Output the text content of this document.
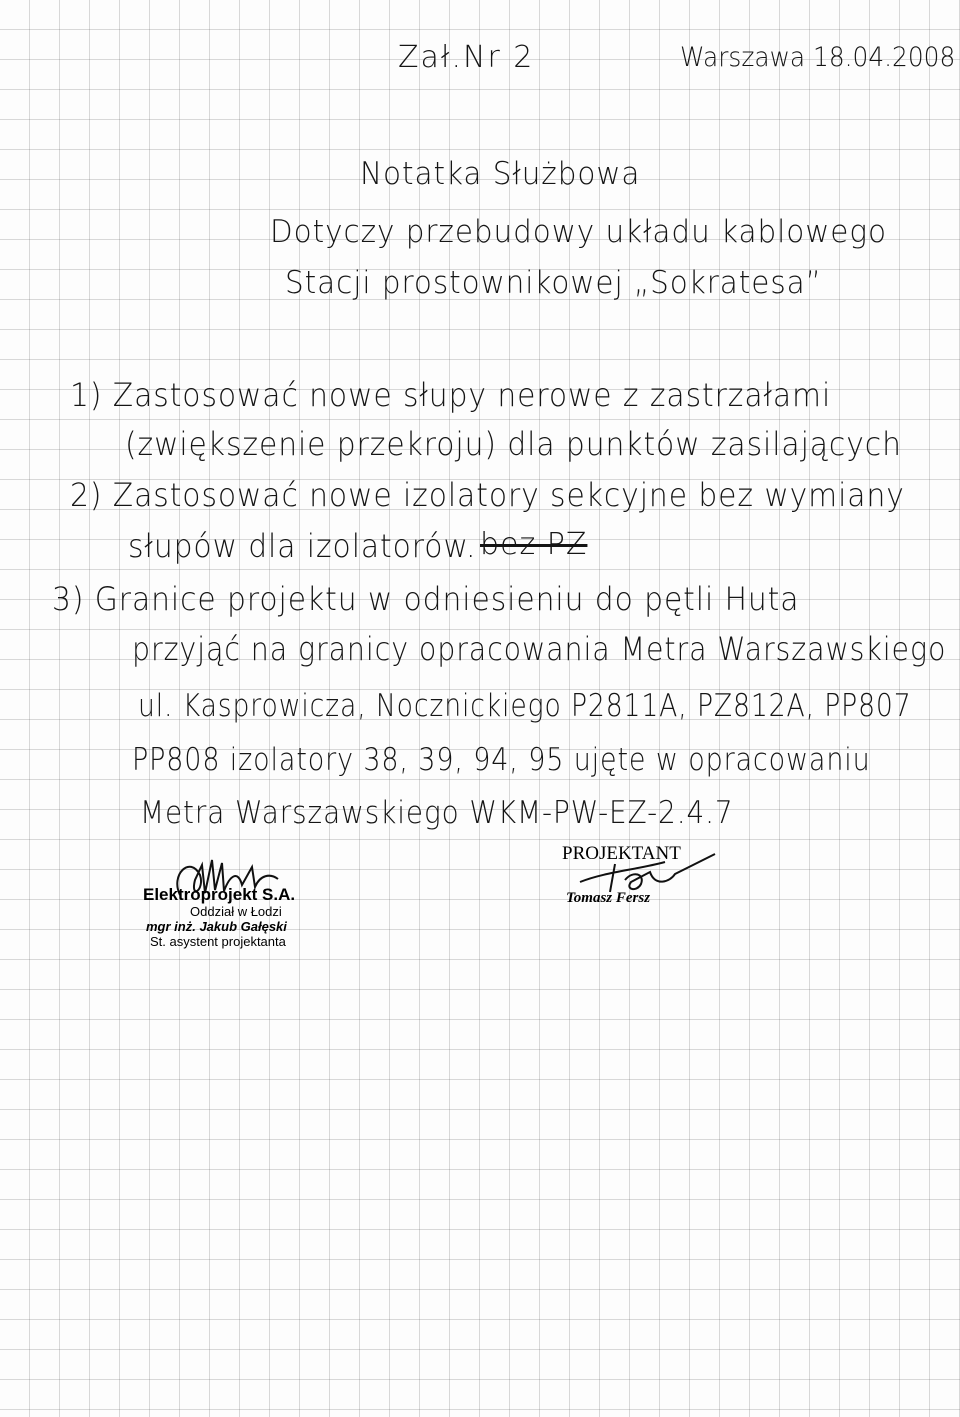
Zał.Nr 2	Warszawa 18.04.2008
Notatka Służbowa
Dotyczy przebudowy układu kablowego
Stacji prostownikowej „Sokratesa”
1) Zastosować nowe słupy nerowe z zastrzałami
(zwiększenie przekroju) dla punktów zasilających
2) Zastosować nowe izolatory sekcyjne bez wymiany
słupów dla izolatorów. bez PZ
3) Granice projektu w odniesieniu do pętli Huta
przyjąć na granicy opracowania Metra Warszawskiego
ul. Kasprowicza, Nocznickiego P2811A, PZ812A, PP807
PP808 izolatory 38, 39, 94, 95 ujęte w opracowaniu
Metra Warszawskiego WKM-PW-EZ-2.4.7
Elektroprojekt S.A.
Oddział w Łodzi
mgr inż. Jakub Gałęski
St. asystent projektanta
PROJEKTANT
Tomasz Fersz
